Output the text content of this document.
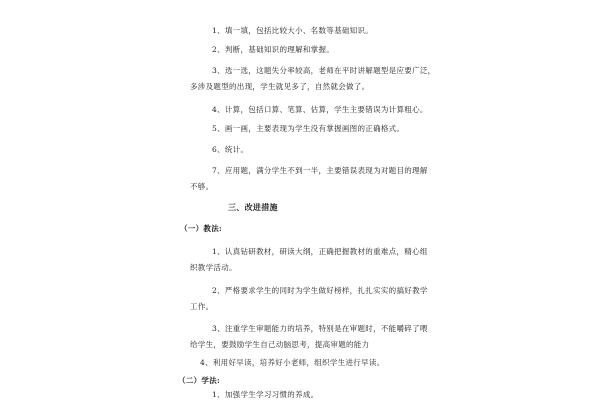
1、填一填，包括比较大小、名数等基础知识。
2、判断，基础知识的理解和掌握。
3、选一选，这题失分率较高，老师在平时讲解题型是应要广泛，
多涉及题型的出现，学生就见多了，自然就会做了。
4、计算，包括口算、笔算、估算，学生主要错误为计算粗心。
5、画一画，主要表现为学生没有掌握画图的正确格式。
6、统计。
7、应用题，满分学生不到一半，主要错误表现为对题目的理解
不够。
三、改进措施
（一）教法:
1、认真钻研教材，研读大纲，正确把握教材的重难点，精心组
织教学活动。
2、严格要求学生的同时为学生做好榜样，扎扎实实的搞好教学
工作。
3、注重学生审题能力的培养，特别是在审题时，不能嚼碎了喂
给学生，要鼓励学生自己动脑思考，提高审题的能力
4、利用好早读，培养好小老师，组织学生进行早读。
（二）学法:
1、加强学生学习习惯的养成。
